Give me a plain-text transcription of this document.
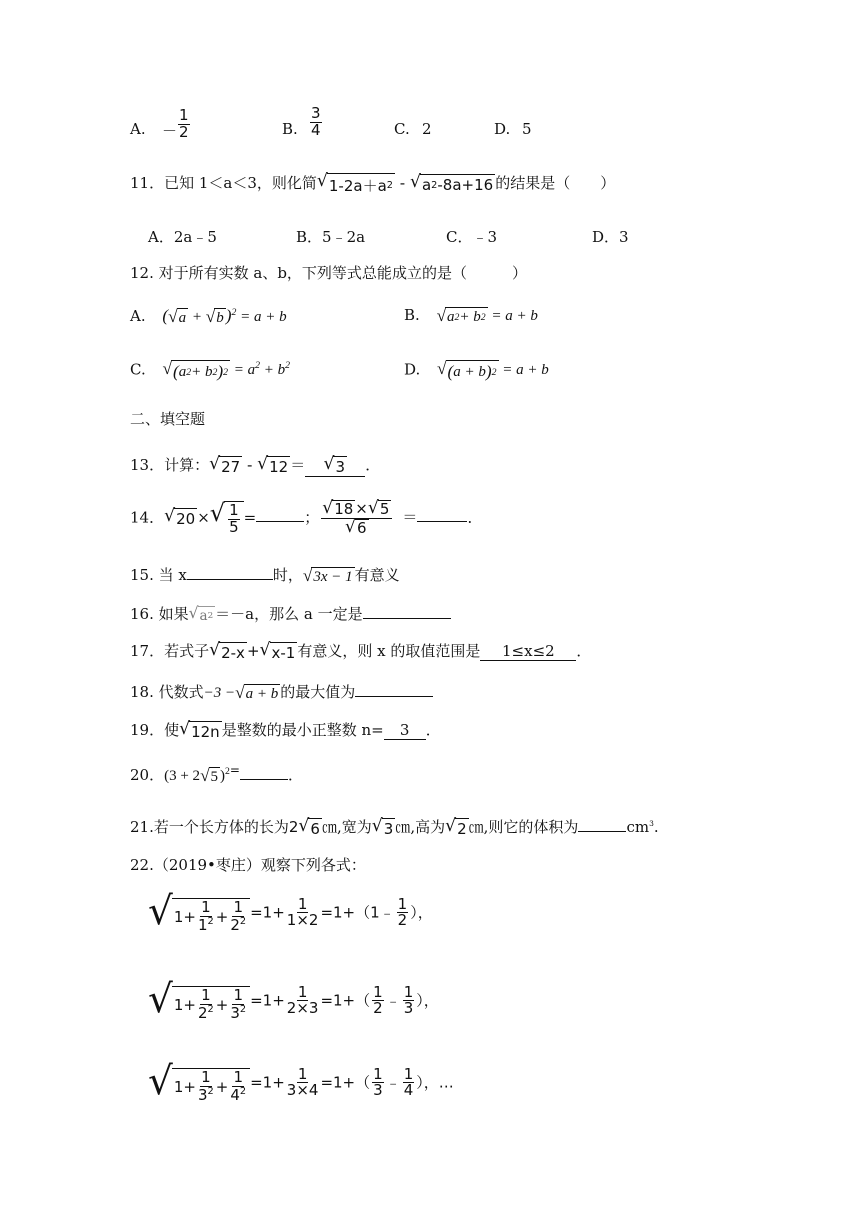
A. － $\frac{1}{2}$	B. $\frac{3}{4}$	C. 2	D. 5
11．已知 1＜a＜3，则化简 √ 1-2a＋a 2 - √ a 2 -8a+16 的结果是（　　）
A．2a﹣5	B．5﹣2a	C．﹣3	D．3
12. 对于所有实数 a、b，下列等式总能成立的是（　　　）
A. ( √ a + √ b )$^2$ = a + b	B. √ a 2 + b 2 = a + b
C. √ ( a 2 + b 2 ) $2 = a^2 + b^2$	D. √ ( a + b ) 2 = a + b
二、填空题
13．计算： √ 27 - √ 12 ＝ √ 3 ．
14． √ 20 × √ $\frac{1}{5}$ =	； $\frac{√ 18 \times √ 5}{√ 6}$ ＝	．
15. 当 x	时， √ 3x − 1 有意义
16. 如果 √ a 2 ＝－a，那么 a 一定是
17．若式子 √ 2-x + √ x-1 有意义，则 x 的取值范围是 1≤x≤2 ．
18. 代数式−3 − √ a + b 的最大值为
19．使 √ 12n 是整数的最小正整数 n= 3 ．
20．(3 + 2 √ 5 )$^{2=}$	．
21.若一个长方体的长为2 √ 6 ㎝,宽为 √ 3 ㎝,高为 √ 2 ㎝,则它的体积为	$cm^3$.
22.（2019•枣庄）观察下列各式：
√ $1+ \frac{1}{1^2} + \frac{1}{2^2} =1+ \frac{1}{1\times 2}$ =1+（1﹣ $\frac{1}{2}$ ），
√ $1+ \frac{1}{2^2} + \frac{1}{3^2} =1+ \frac{1}{2\times 3} =1+( \frac{1}{2}$ ﹣ $\frac{1}{3}$ ），
√ $1+ \frac{1}{3^2} + \frac{1}{4^2} =1+ \frac{1}{3\times 4} =1+( \frac{1}{3}$ ﹣ $\frac{1}{4}$ ），…
